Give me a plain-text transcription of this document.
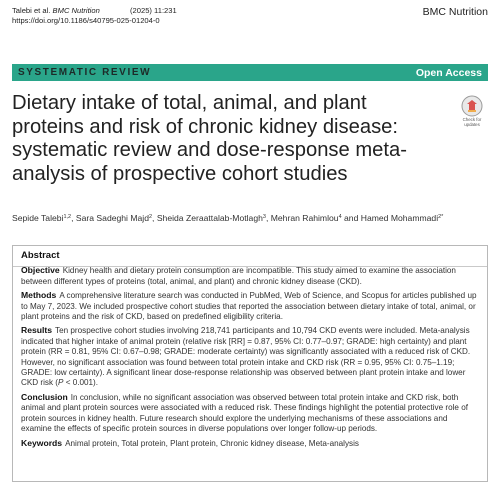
Talebi et al. BMC Nutrition	(2025) 11:231
https://doi.org/10.1186/s40795-025-01204-0
BMC Nutrition
SYSTEMATIC REVIEW	Open Access
Dietary intake of total, animal, and plant proteins and risk of chronic kidney disease: systematic review and dose-response meta-analysis of prospective cohort studies
Check for updates
Sepide Talebi$^{1,2}$, Sara Sadeghi Majd$^2$, Sheida Zeraattalab-Motlagh$^3$, Mehran Rahimlou$^4$ and Hamed Mohammadi$^{2*}$
Abstract

Objective Kidney health and dietary protein consumption are incompatible. This study aimed to examine the association between different types of proteins (total, animal, and plant) and chronic kidney disease (CKD).

Methods A comprehensive literature search was conducted in PubMed, Web of Science, and Scopus for articles published up to May 7, 2023. We included prospective cohort studies that reported the association between dietary intake of total, animal, or plant proteins and the risk of CKD, based on predefined eligibility criteria.

Results Ten prospective cohort studies involving 218,741 participants and 10,794 CKD events were included. Meta-analysis indicated that higher intake of animal protein (relative risk [RR] = 0.87, 95% CI: 0.77–0.97; GRADE: high certainty) and plant protein (RR = 0.81, 95% CI: 0.67–0.98; GRADE: moderate certainty) was significantly associated with a reduced risk of CKD. However, no significant association was found between total protein intake and CKD risk (RR = 0.95, 95% CI: 0.75–1.19; GRADE: low certainty). A significant linear dose-response relationship was observed between plant protein intake and lower CKD risk (P < 0.001).

Conclusion In conclusion, while no significant association was observed between total protein intake and CKD risk, both animal and plant protein sources were associated with a reduced risk. These findings highlight the potential protective role of protein sources in kidney health. Future research should explore the underlying mechanisms of these associations and examine the effects of specific protein sources in diverse populations over longer follow-up periods.

Keywords Animal protein, Total protein, Plant protein, Chronic kidney disease, Meta-analysis
